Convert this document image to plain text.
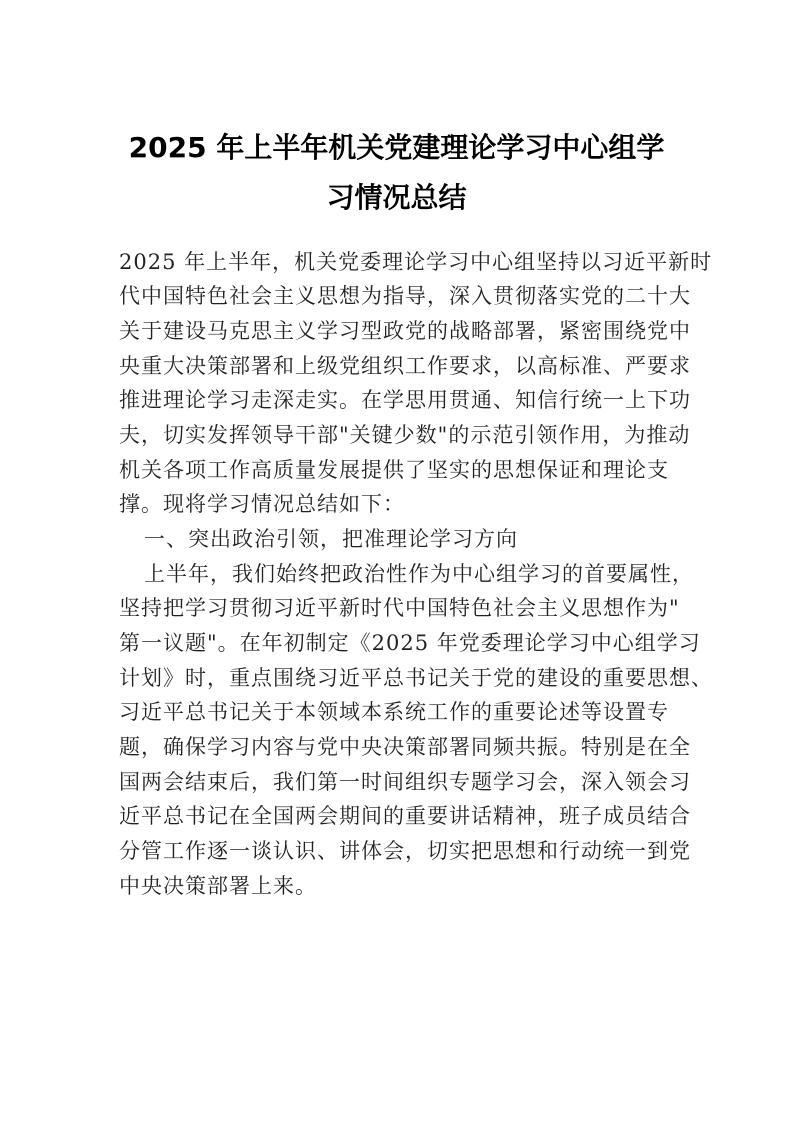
2025 年上半年机关党建理论学习中心组学
习情况总结

2025 年上半年，机关党委理论学习中心组坚持以习近平新时

代中国特色社会主义思想为指导，深入贯彻落实党的二十大

关于建设马克思主义学习型政党的战略部署，紧密围绕党中

央重大决策部署和上级党组织工作要求，以高标准、严要求

推进理论学习走深走实。在学思用贯通、知信行统一上下功

夫，切实发挥领导干部"关键少数"的示范引领作用，为推动

机关各项工作高质量发展提供了坚实的思想保证和理论支

撑。现将学习情况总结如下：

一、突出政治引领，把准理论学习方向

上半年，我们始终把政治性作为中心组学习的首要属性，

坚持把学习贯彻习近平新时代中国特色社会主义思想作为"

第一议题"。在年初制定《2025 年党委理论学习中心组学习

计划》时，重点围绕习近平总书记关于党的建设的重要思想、

习近平总书记关于本领域本系统工作的重要论述等设置专

题，确保学习内容与党中央决策部署同频共振。特别是在全

国两会结束后，我们第一时间组织专题学习会，深入领会习

近平总书记在全国两会期间的重要讲话精神，班子成员结合

分管工作逐一谈认识、讲体会，切实把思想和行动统一到党

中央决策部署上来。
